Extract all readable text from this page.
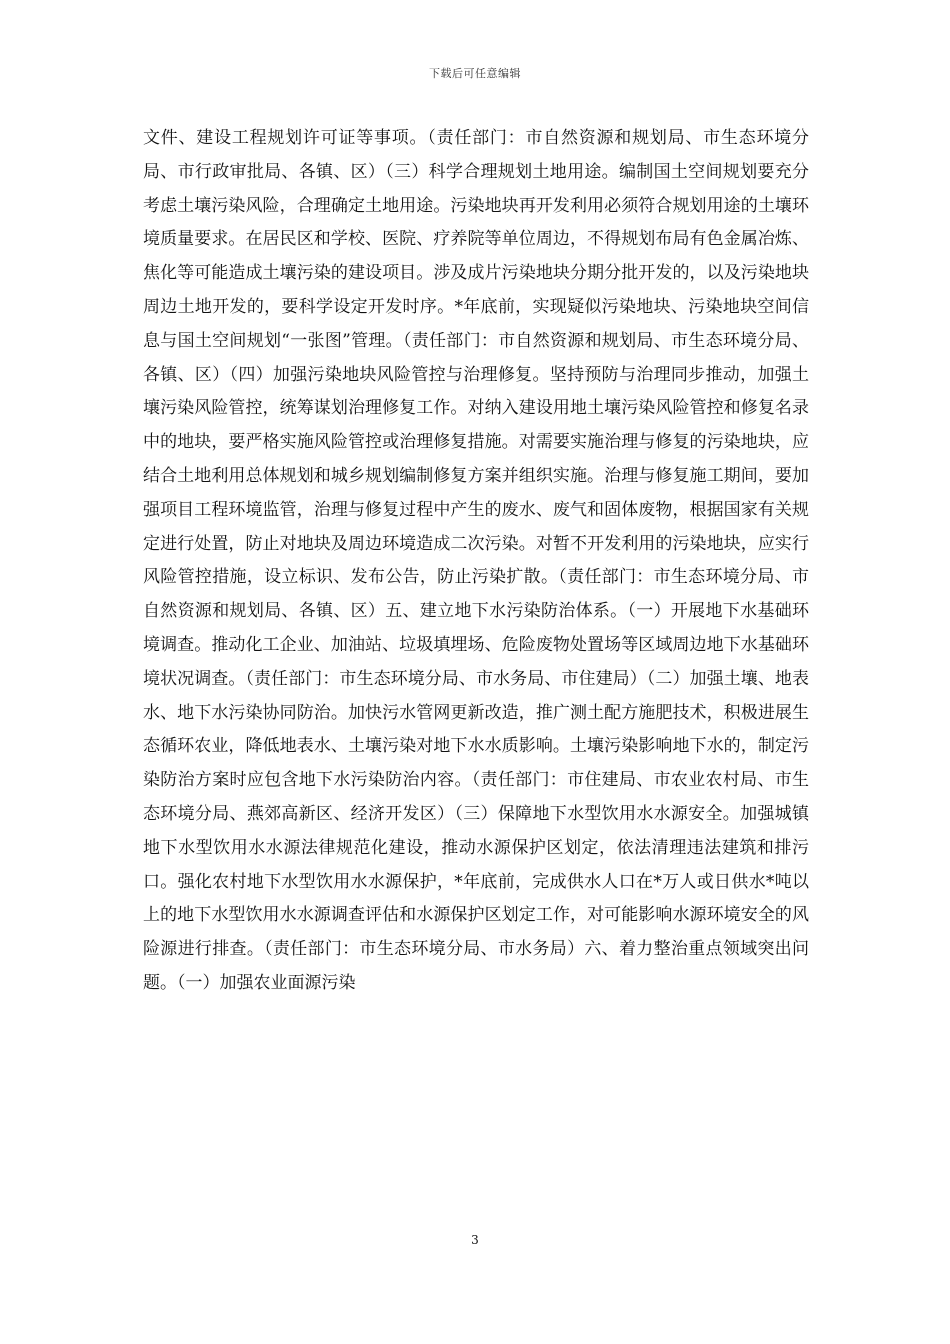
下载后可任意编辑

文件、建设工程规划许可证等事项。（责任部门：市自然资源和规划局、市生态环境分局、市行政审批局、各镇、区）（三）科学合理规划土地用途。编制国土空间规划要充分考虑土壤污染风险，合理确定土地用途。污染地块再开发利用必须符合规划用途的土壤环境质量要求。在居民区和学校、医院、疗养院等单位周边，不得规划布局有色金属冶炼、焦化等可能造成土壤污染的建设项目。涉及成片污染地块分期分批开发的，以及污染地块周边土地开发的，要科学设定开发时序。*年底前，实现疑似污染地块、污染地块空间信息与国土空间规划“一张图”管理。（责任部门：市自然资源和规划局、市生态环境分局、各镇、区）（四）加强污染地块风险管控与治理修复。坚持预防与治理同步推动，加强土壤污染风险管控，统筹谋划治理修复工作。对纳入建设用地土壤污染风险管控和修复名录中的地块，要严格实施风险管控或治理修复措施。对需要实施治理与修复的污染地块，应结合土地利用总体规划和城乡规划编制修复方案并组织实施。治理与修复施工期间，要加强项目工程环境监管，治理与修复过程中产生的废水、废气和固体废物，根据国家有关规定进行处置，防止对地块及周边环境造成二次污染。对暂不开发利用的污染地块，应实行风险管控措施，设立标识、发布公告，防止污染扩散。（责任部门：市生态环境分局、市自然资源和规划局、各镇、区）五、建立地下水污染防治体系。（一）开展地下水基础环境调查。推动化工企业、加油站、垃圾填埋场、危险废物处置场等区域周边地下水基础环境状况调查。（责任部门：市生态环境分局、市水务局、市住建局）（二）加强土壤、地表水、地下水污染协同防治。加快污水管网更新改造，推广测土配方施肥技术，积极进展生态循环农业，降低地表水、土壤污染对地下水水质影响。土壤污染影响地下水的，制定污染防治方案时应包含地下水污染防治内容。（责任部门：市住建局、市农业农村局、市生态环境分局、燕郊高新区、经济开发区）（三）保障地下水型饮用水水源安全。加强城镇地下水型饮用水水源法律规范化建设，推动水源保护区划定，依法清理违法建筑和排污口。强化农村地下水型饮用水水源保护，*年底前，完成供水人口在*万人或日供水*吨以上的地下水型饮用水水源调查评估和水源保护区划定工作，对可能影响水源环境安全的风险源进行排查。（责任部门：市生态环境分局、市水务局）六、着力整治重点领域突出问题。（一）加强农业面源污染

3
